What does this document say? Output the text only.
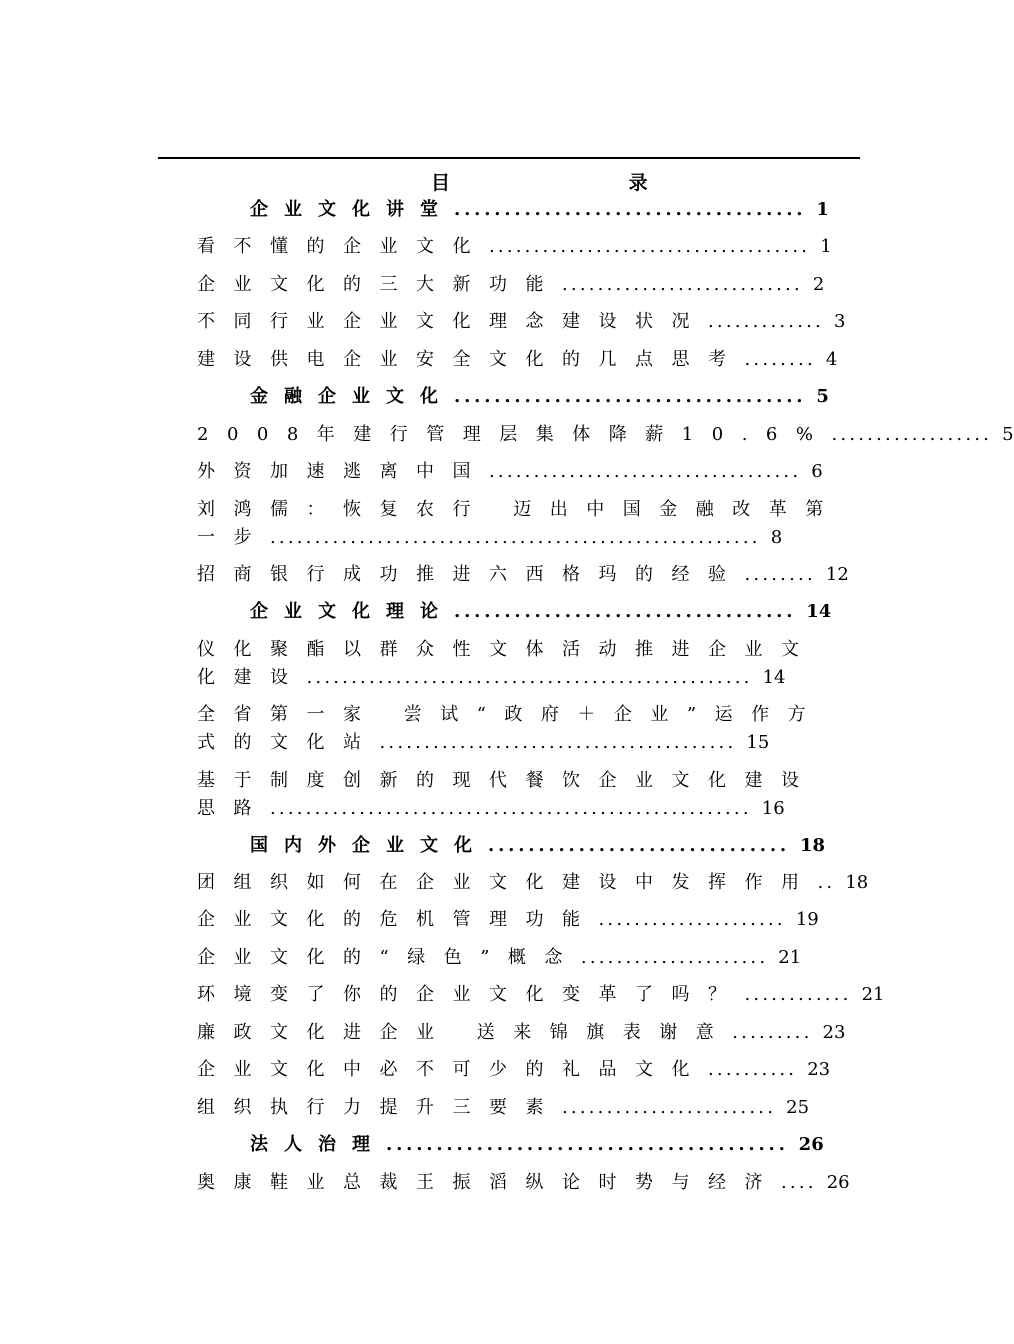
目 录
企业文化讲堂................................... 1
看不懂的企业文化.................................... 1
企业文化的三大新功能........................... 2
不同行业企业文化理念建设状况............. 3
建设供电企业安全文化的几点思考........ 4
金融企业文化................................... 5
2008年建行管理层集体降薪10.6%.................. 5
外资加速逃离中国................................... 6
刘鸿儒：恢复农行 迈出中国金融改革第
一步....................................................... 8
招商银行成功推进六西格玛的经验........ 12
企业文化理论.................................. 14
仪化聚酯以群众性文体活动推进企业文
化建设.................................................. 14
全省第一家 尝试“政府＋企业”运作方
式的文化站........................................ 15
基于制度创新的现代餐饮企业文化建设
思路...................................................... 16
国内外企业文化.............................. 18
团组织如何在企业文化建设中发挥作用.. 18
企业文化的危机管理功能..................... 19
企业文化的“绿色”概念..................... 21
环境变了你的企业文化变革了吗？............ 21
廉政文化进企业 送来锦旗表谢意......... 23
企业文化中必不可少的礼品文化.......... 23
组织执行力提升三要素........................ 25
法人治理........................................ 26
奥康鞋业总裁王振滔纵论时势与经济.... 26
